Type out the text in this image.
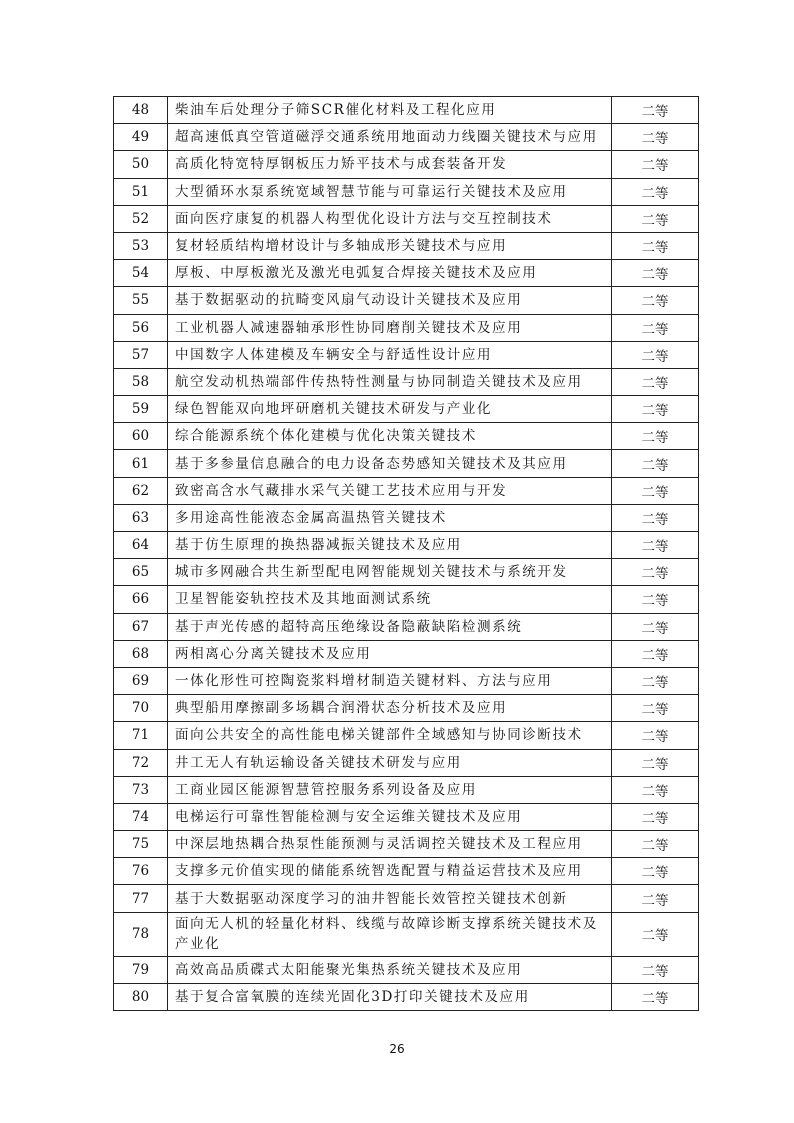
48	柴油车后处理分子筛SCR催化材料及工程化应用	二等
49	超高速低真空管道磁浮交通系统用地面动力线圈关键技术与应用	二等
50	高质化特宽特厚钢板压力矫平技术与成套装备开发	二等
51	大型循环水泵系统宽域智慧节能与可靠运行关键技术及应用	二等
52	面向医疗康复的机器人构型优化设计方法与交互控制技术	二等
53	复材轻质结构增材设计与多轴成形关键技术与应用	二等
54	厚板、中厚板激光及激光电弧复合焊接关键技术及应用	二等
55	基于数据驱动的抗畸变风扇气动设计关键技术及应用	二等
56	工业机器人减速器轴承形性协同磨削关键技术及应用	二等
57	中国数字人体建模及车辆安全与舒适性设计应用	二等
58	航空发动机热端部件传热特性测量与协同制造关键技术及应用	二等
59	绿色智能双向地坪研磨机关键技术研发与产业化	二等
60	综合能源系统个体化建模与优化决策关键技术	二等
61	基于多参量信息融合的电力设备态势感知关键技术及其应用	二等
62	致密高含水气藏排水采气关键工艺技术应用与开发	二等
63	多用途高性能液态金属高温热管关键技术	二等
64	基于仿生原理的换热器减振关键技术及应用	二等
65	城市多网融合共生新型配电网智能规划关键技术与系统开发	二等
66	卫星智能姿轨控技术及其地面测试系统	二等
67	基于声光传感的超特高压绝缘设备隐蔽缺陷检测系统	二等
68	两相离心分离关键技术及应用	二等
69	一体化形性可控陶瓷浆料增材制造关键材料、方法与应用	二等
70	典型船用摩擦副多场耦合润滑状态分析技术及应用	二等
71	面向公共安全的高性能电梯关键部件全域感知与协同诊断技术	二等
72	井工无人有轨运输设备关键技术研发与应用	二等
73	工商业园区能源智慧管控服务系列设备及应用	二等
74	电梯运行可靠性智能检测与安全运维关键技术及应用	二等
75	中深层地热耦合热泵性能预测与灵活调控关键技术及工程应用	二等
76	支撑多元价值实现的储能系统智选配置与精益运营技术及应用	二等
77	基于大数据驱动深度学习的油井智能长效管控关键技术创新	二等
78	面向无人机的轻量化材料、线缆与故障诊断支撑系统关键技术及产业化	二等
79	高效高品质碟式太阳能聚光集热系统关键技术及应用	二等
80	基于复合富氧膜的连续光固化3D打印关键技术及应用	二等
26
